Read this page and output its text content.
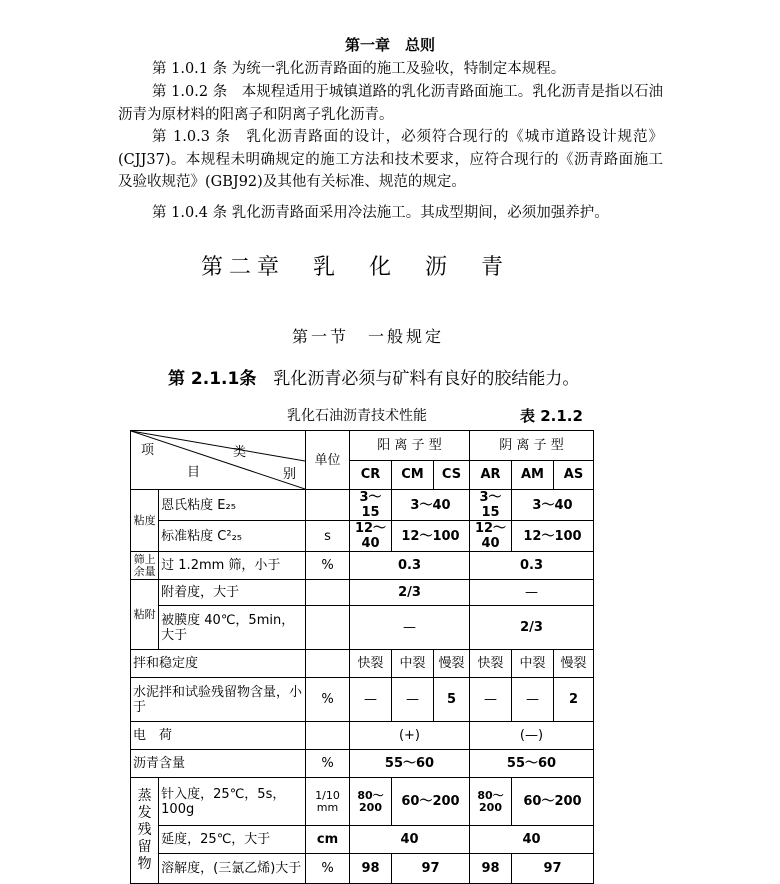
第一章　总则
第 1.0.1 条 为统一乳化沥青路面的施工及验收，特制定本规程。
第 1.0.2 条　本规程适用于城镇道路的乳化沥青路面施工。乳化沥青是指以石油沥青为原材料的阳离子和阴离子乳化沥青。
第 1.0.3 条　乳化沥青路面的设计，必须符合现行的《城市道路设计规范》(CJJ37)。本规程未明确规定的施工方法和技术要求，应符合现行的《沥青路面施工及验收规范》(GBJ92)及其他有关标准、规范的规定。
第 1.0.4 条 乳化沥青路面采用冷法施工。其成型期间，必须加强养护。
第二章　乳　化　沥　青
第一节　一般规定
第 2.1.1条　 乳化沥青必须与矿料有良好的胶结能力。
乳化石油沥青技术性能	表 2.1.2
项 类
目 别		单位	阳 离 子 型			阴 离 子 型		
			CR	CM	CS	AR	AM	AS
粘度	恩氏粘度 E₂₅		3～15	3～40		3～15	3～40	
	标准粘度 C²₂₅	s	12～40	12～100		12～40	12～100	
筛上余量	过 1.2mm 筛，小于	%	0.3			0.3		
粘附	附着度，大于		2/3			—		
	被膜度 40℃，5min，大于		—			2/3		
拌和稳定度			快裂	中裂	慢裂	快裂	中裂	慢裂
水泥拌和试验残留物含量，小于		%	—	—	5	—	—	2
电　荷			(+)			(—)		
沥青含量		%	55～60			55～60		
蒸发残留物	针入度，25℃，5s，100g	1/10 mm	80～200	60～200		80～200	60～200	
	延度，25℃，大于	cm	40			40		
	溶解度，(三氯乙烯)大于	%	98	97		98	97	
